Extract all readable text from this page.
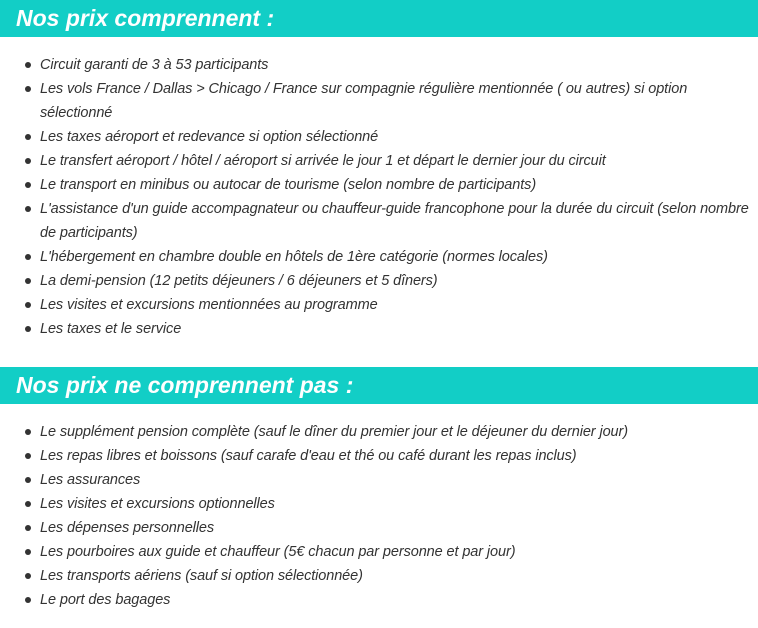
Nos prix comprennent :
Circuit garanti de 3 à 53 participants
Les vols France / Dallas > Chicago / France sur compagnie régulière mentionnée ( ou autres) si option sélectionné
Les taxes aéroport et redevance si option sélectionné
Le transfert aéroport / hôtel / aéroport si arrivée le jour 1 et départ le dernier jour du circuit
Le transport en minibus ou autocar de tourisme (selon nombre de participants)
L'assistance d'un guide accompagnateur ou chauffeur-guide francophone pour la durée du circuit (selon nombre de participants)
L'hébergement en chambre double en hôtels de 1ère catégorie (normes locales)
La demi-pension (12 petits déjeuners / 6 déjeuners et 5 dîners)
Les visites et excursions mentionnées au programme
Les taxes et le service
Nos prix ne comprennent pas :
Le supplément pension complète (sauf le dîner du premier jour et le déjeuner du dernier jour)
Les repas libres et boissons (sauf carafe d'eau et thé ou café durant les repas inclus)
Les assurances
Les visites et excursions optionnelles
Les dépenses personnelles
Les pourboires aux guide et chauffeur (5€ chacun par personne et par jour)
Les transports aériens (sauf si option sélectionnée)
Le port des bagages
